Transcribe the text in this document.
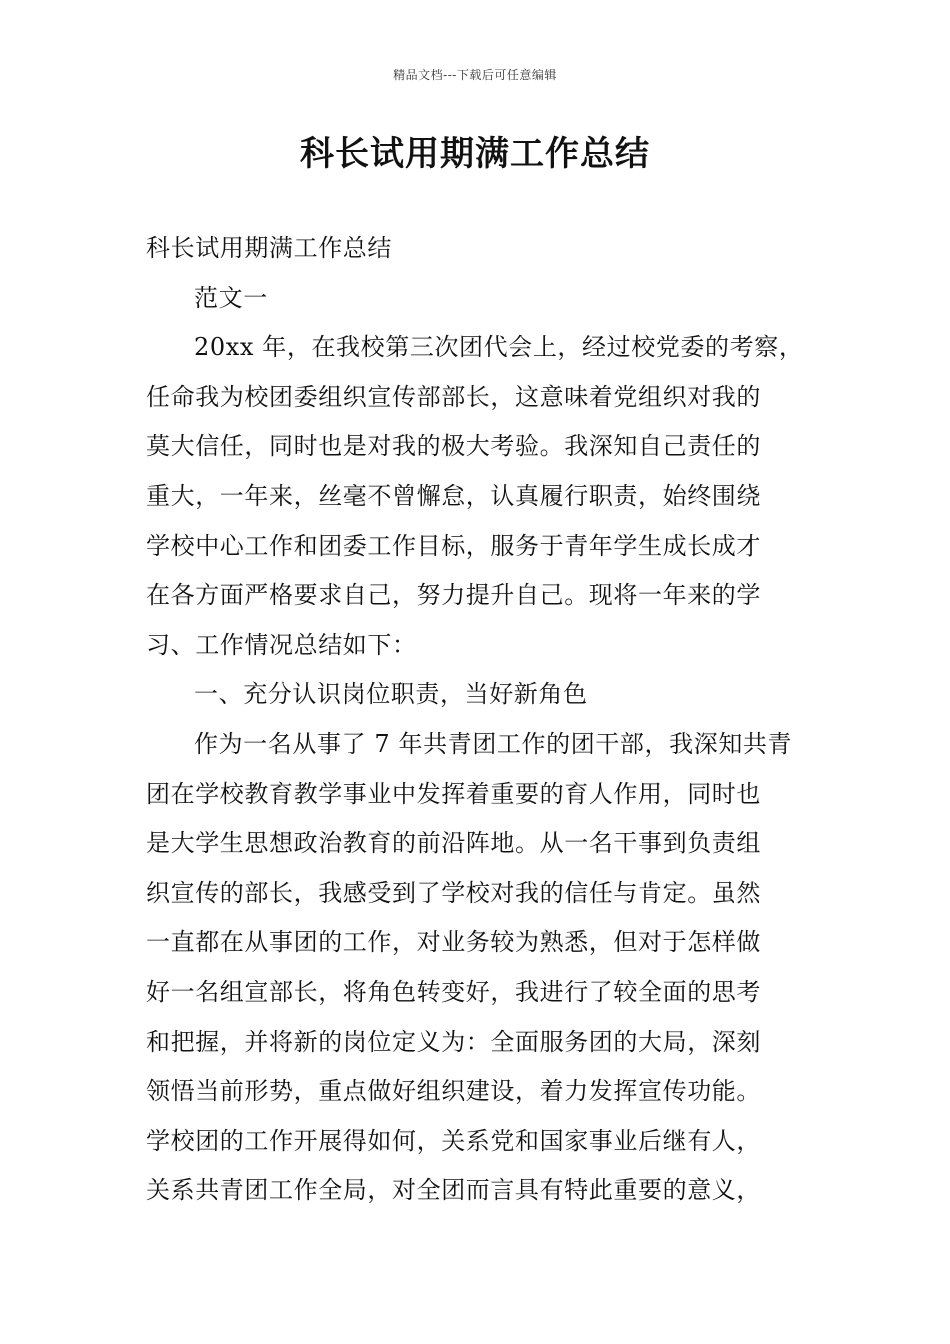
精品文档---下载后可任意编辑
科长试用期满工作总结

科长试用期满工作总结

范文一

20xx 年，在我校第三次团代会上，经过校党委的考察，

任命我为校团委组织宣传部部长，这意味着党组织对我的

莫大信任，同时也是对我的极大考验。我深知自己责任的

重大，一年来，丝毫不曾懈怠，认真履行职责，始终围绕

学校中心工作和团委工作目标，服务于青年学生成长成才

在各方面严格要求自己，努力提升自己。现将一年来的学

习、工作情况总结如下：

一、充分认识岗位职责，当好新角色

作为一名从事了 7 年共青团工作的团干部，我深知共青

团在学校教育教学事业中发挥着重要的育人作用，同时也

是大学生思想政治教育的前沿阵地。从一名干事到负责组

织宣传的部长，我感受到了学校对我的信任与肯定。虽然

一直都在从事团的工作，对业务较为熟悉，但对于怎样做

好一名组宣部长，将角色转变好，我进行了较全面的思考

和把握，并将新的岗位定义为：全面服务团的大局，深刻

领悟当前形势，重点做好组织建设，着力发挥宣传功能。

学校团的工作开展得如何，关系党和国家事业后继有人，

关系共青团工作全局，对全团而言具有特此重要的意义，
